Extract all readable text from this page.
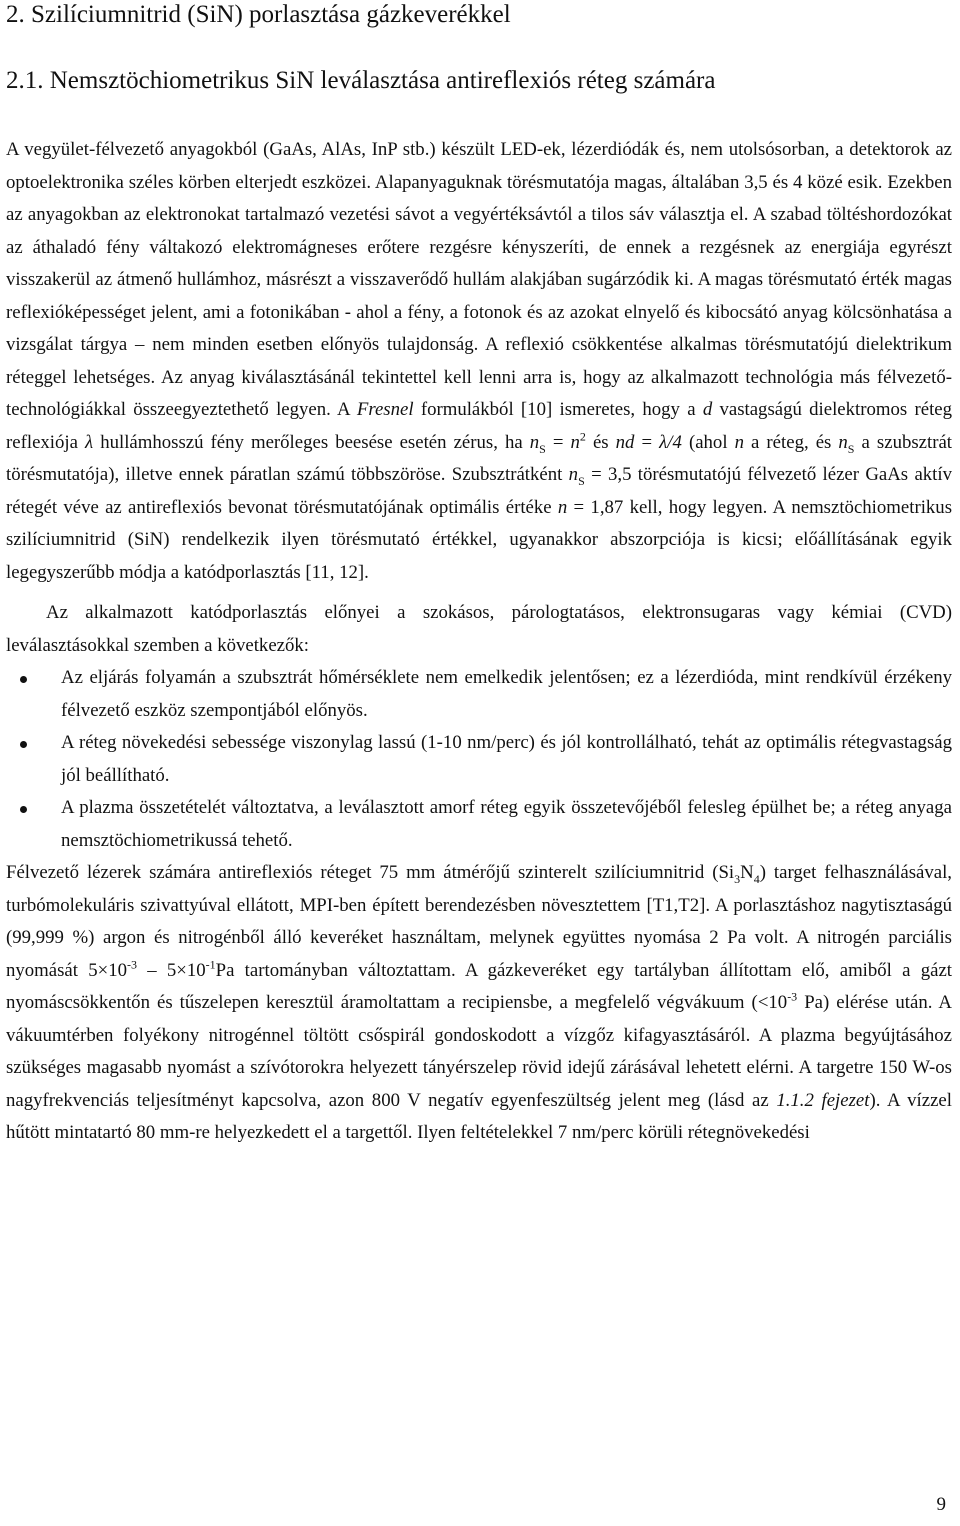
2. Szilíciumnitrid (SiN) porlasztása gázkeverékkel
2.1. Nemsztöchiometrikus SiN leválasztása antireflexiós réteg számára

A vegyület-félvezető anyagokból (GaAs, AlAs, InP stb.) készült LED-ek, lézerdiódák és, nem utolsósorban, a detektorok az optoelektronika széles körben elterjedt eszközei. Alapanyaguknak törésmutatója magas, általában 3,5 és 4 közé esik. Ezekben az anyagokban az elektronokat tartalmazó vezetési sávot a vegyértéksávtól a tilos sáv választja el. A szabad töltéshordozókat az áthaladó fény váltakozó elektromágneses erőtere rezgésre kényszeríti, de ennek a rezgésnek az energiája egyrészt visszakerül az átmenő hullámhoz, másrészt a visszaverődő hullám alakjában sugárzódik ki. A magas törésmutató érték magas reflexióképességet jelent, ami a fotonikában - ahol a fény, a fotonok és az azokat elnyelő és kibocsátó anyag kölcsönhatása a vizsgálat tárgya – nem minden esetben előnyös tulajdonság. A reflexió csökkentése alkalmas törésmutatójú dielektrikum réteggel lehetséges. Az anyag kiválasztásánál tekintettel kell lenni arra is, hogy az alkalmazott technológia más félvezető-technológiákkal összeegyeztethető legyen. A Fresnel formulákból [10] ismeretes, hogy a d vastagságú dielektromos réteg reflexiója λ hullámhosszú fény merőleges beesése esetén zérus, ha $n_S = n^2$ és nd = λ/4 (ahol n a réteg, és $n_S$ a szubsztrát törésmutatója), illetve ennek páratlan számú többszöröse. Szubsztrátként $n_S = 3,5$ törésmutatójú félvezető lézer GaAs aktív rétegét véve az antireflexiós bevonat törésmutatójának optimális értéke n = 1,87 kell, hogy legyen. A nemsztöchiometrikus szilíciumnitrid (SiN) rendelkezik ilyen törésmutató értékkel, ugyanakkor abszorpciója is kicsi; előállításának egyik legegyszerűbb módja a katódporlasztás [11, 12].

Az alkalmazott katódporlasztás előnyei a szokásos, párologtatásos, elektronsugaras vagy kémiai (CVD) leválasztásokkal szemben a következők:

Az eljárás folyamán a szubsztrát hőmérséklete nem emelkedik jelentősen; ez a lézerdióda, mint rendkívül érzékeny félvezető eszköz szempontjából előnyös.
A réteg növekedési sebessége viszonylag lassú (1-10 nm/perc) és jól kontrollálható, tehát az optimális rétegvastagság jól beállítható.
A plazma összetételét változtatva, a leválasztott amorf réteg egyik összetevőjéből felesleg épülhet be; a réteg anyaga nemsztöchiometrikussá tehető.

Félvezető lézerek számára antireflexiós réteget 75 mm átmérőjű szinterelt szilíciumnitrid $(Si_3N_4)$ target felhasználásával, turbómolekuláris szivattyúval ellátott, MPI-ben épített berendezésben növesztettem [T1,T2]. A porlasztáshoz nagytisztaságú (99,999 %) argon és nitrogénből álló keveréket használtam, melynek együttes nyomása 2 Pa volt. A nitrogén parciális nyomását $5\times 10^{-3} - 5\times 10^{-1}Pa$ tartományban változtattam. A gázkeveréket egy tartályban állítottam elő, amiből a gázt nyomáscsökkentőn és tűszelepen keresztül áramoltattam a recipiensbe, a megfelelő végvákuum ($<10^{-3}$ Pa) elérése után. A vákuumtérben folyékony nitrogénnel töltött csőspirál gondoskodott a vízgőz kifagyasztásáról. A plazma begyújtásához szükséges magasabb nyomást a szívótorokra helyezett tányérszelep rövid idejű zárásával lehetett elérni. A targetre 150 W-os nagyfrekvenciás teljesítményt kapcsolva, azon 800 V negatív egyenfeszültség jelent meg (lásd az 1.1.2 fejezet). A vízzel hűtött mintatartó 80 mm-re helyezkedett el a targettől. Ilyen feltételekkel 7 nm/perc körüli rétegnövekedési

9
